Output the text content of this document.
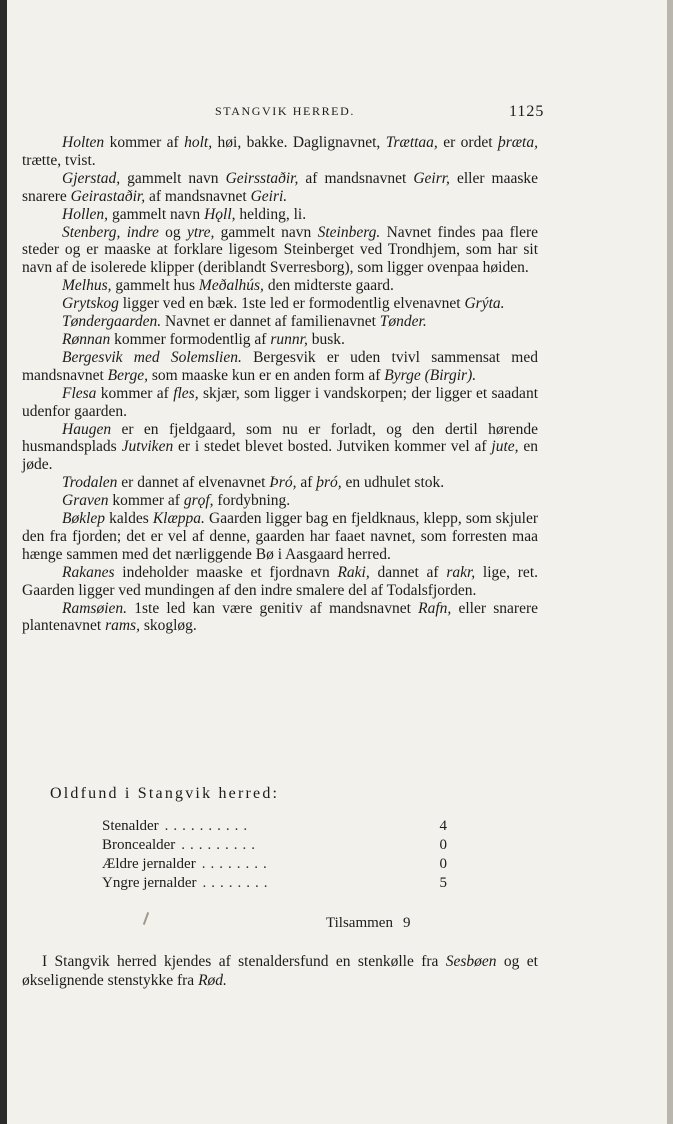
STANGVIK HERRED.	1125

Holten kommer af holt, høi, bakke. Daglignavnet, Trættaa, er ordet þræta, trætte, tvist.

Gjerstad, gammelt navn Geirsstaðir, af mandsnavnet Geirr, eller maaske snarere Geirastaðir, af mandsnavnet Geiri.

Hollen, gammelt navn Hǫll, helding, li.

Stenberg, indre og ytre, gammelt navn Steinberg. Navnet findes paa flere steder og er maaske at forklare ligesom Steinberget ved Trondhjem, som har sit navn af de isolerede klipper (deriblandt Sverresborg), som ligger ovenpaa høiden.

Melhus, gammelt hus Meðalhús, den midterste gaard.

Grytskog ligger ved en bæk. 1ste led er formodentlig elvenavnet Grýta.

Tøndergaarden. Navnet er dannet af familienavnet Tønder.

Rønnan kommer formodentlig af runnr, busk.

Bergesvik med Solemslien. Bergesvik er uden tvivl sammensat med mandsnavnet Berge, som maaske kun er en anden form af Byrge (Birgir).

Flesa kommer af fles, skjær, som ligger i vandskorpen; der ligger et saadant udenfor gaarden.

Haugen er en fjeldgaard, som nu er forladt, og den dertil hørende husmandsplads Jutviken er i stedet blevet bosted. Jutviken kommer vel af jute, en jøde.

Trodalen er dannet af elvenavnet Þró, af þró, en udhulet stok.

Graven kommer af grǫf, fordybning.

Bøklep kaldes Klæppa. Gaarden ligger bag en fjeldknaus, klepp, som skjuler den fra fjorden; det er vel af denne, gaarden har faaet navnet, som forresten maa hænge sammen med det nærliggende Bø i Aasgaard herred.

Rakanes indeholder maaske et fjordnavn Raki, dannet af rakr, lige, ret. Gaarden ligger ved mundingen af den indre smalere del af Todalsfjorden.

Ramsøien. 1ste led kan være genitiv af mandsnavnet Rafn, eller snarere plantenavnet rams, skogløg.

Oldfund i Stangvik herred:
Stenalder ..........	4
Broncealder .........	0
Ældre jernalder ........	0
Yngre jernalder ........	5
Tilsammen 9

I Stangvik herred kjendes af stenaldersfund en stenkølle fra Sesbøen og et økselignende stenstykke fra Rød.
